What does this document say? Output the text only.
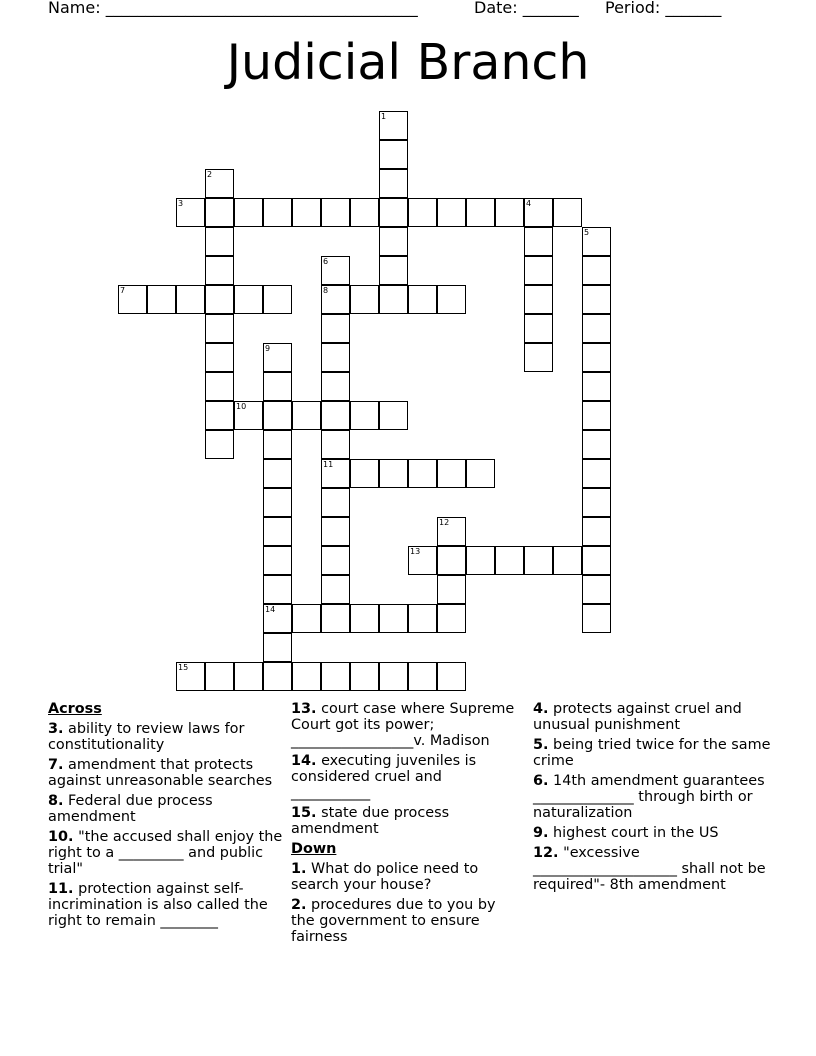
Name: _______________________________________	Date: _______ Period: _______
Judicial Branch
1
2
3	4
5
6
8
11
7
9
14
10
12
13
15
Across
3. ability to review laws for constitutionality
7. amendment that protects against unreasonable searches
8. Federal due process amendment
10. "the accused shall enjoy the right to a _________ and public trial"
11. protection against self-incrimination is also called the right to remain ________
13. court case where Supreme Court got its power; _________________v. Madison
14. executing juveniles is considered cruel and ___________
15. state due process amendment
Down
1. What do police need to search your house?
2. procedures due to you by the government to ensure fairness
4. protects against cruel and unusual punishment
5. being tried twice for the same crime
6. 14th amendment guarantees ______________ through birth or naturalization
9. highest court in the US
12. "excessive ____________________ shall not be required"- 8th amendment
